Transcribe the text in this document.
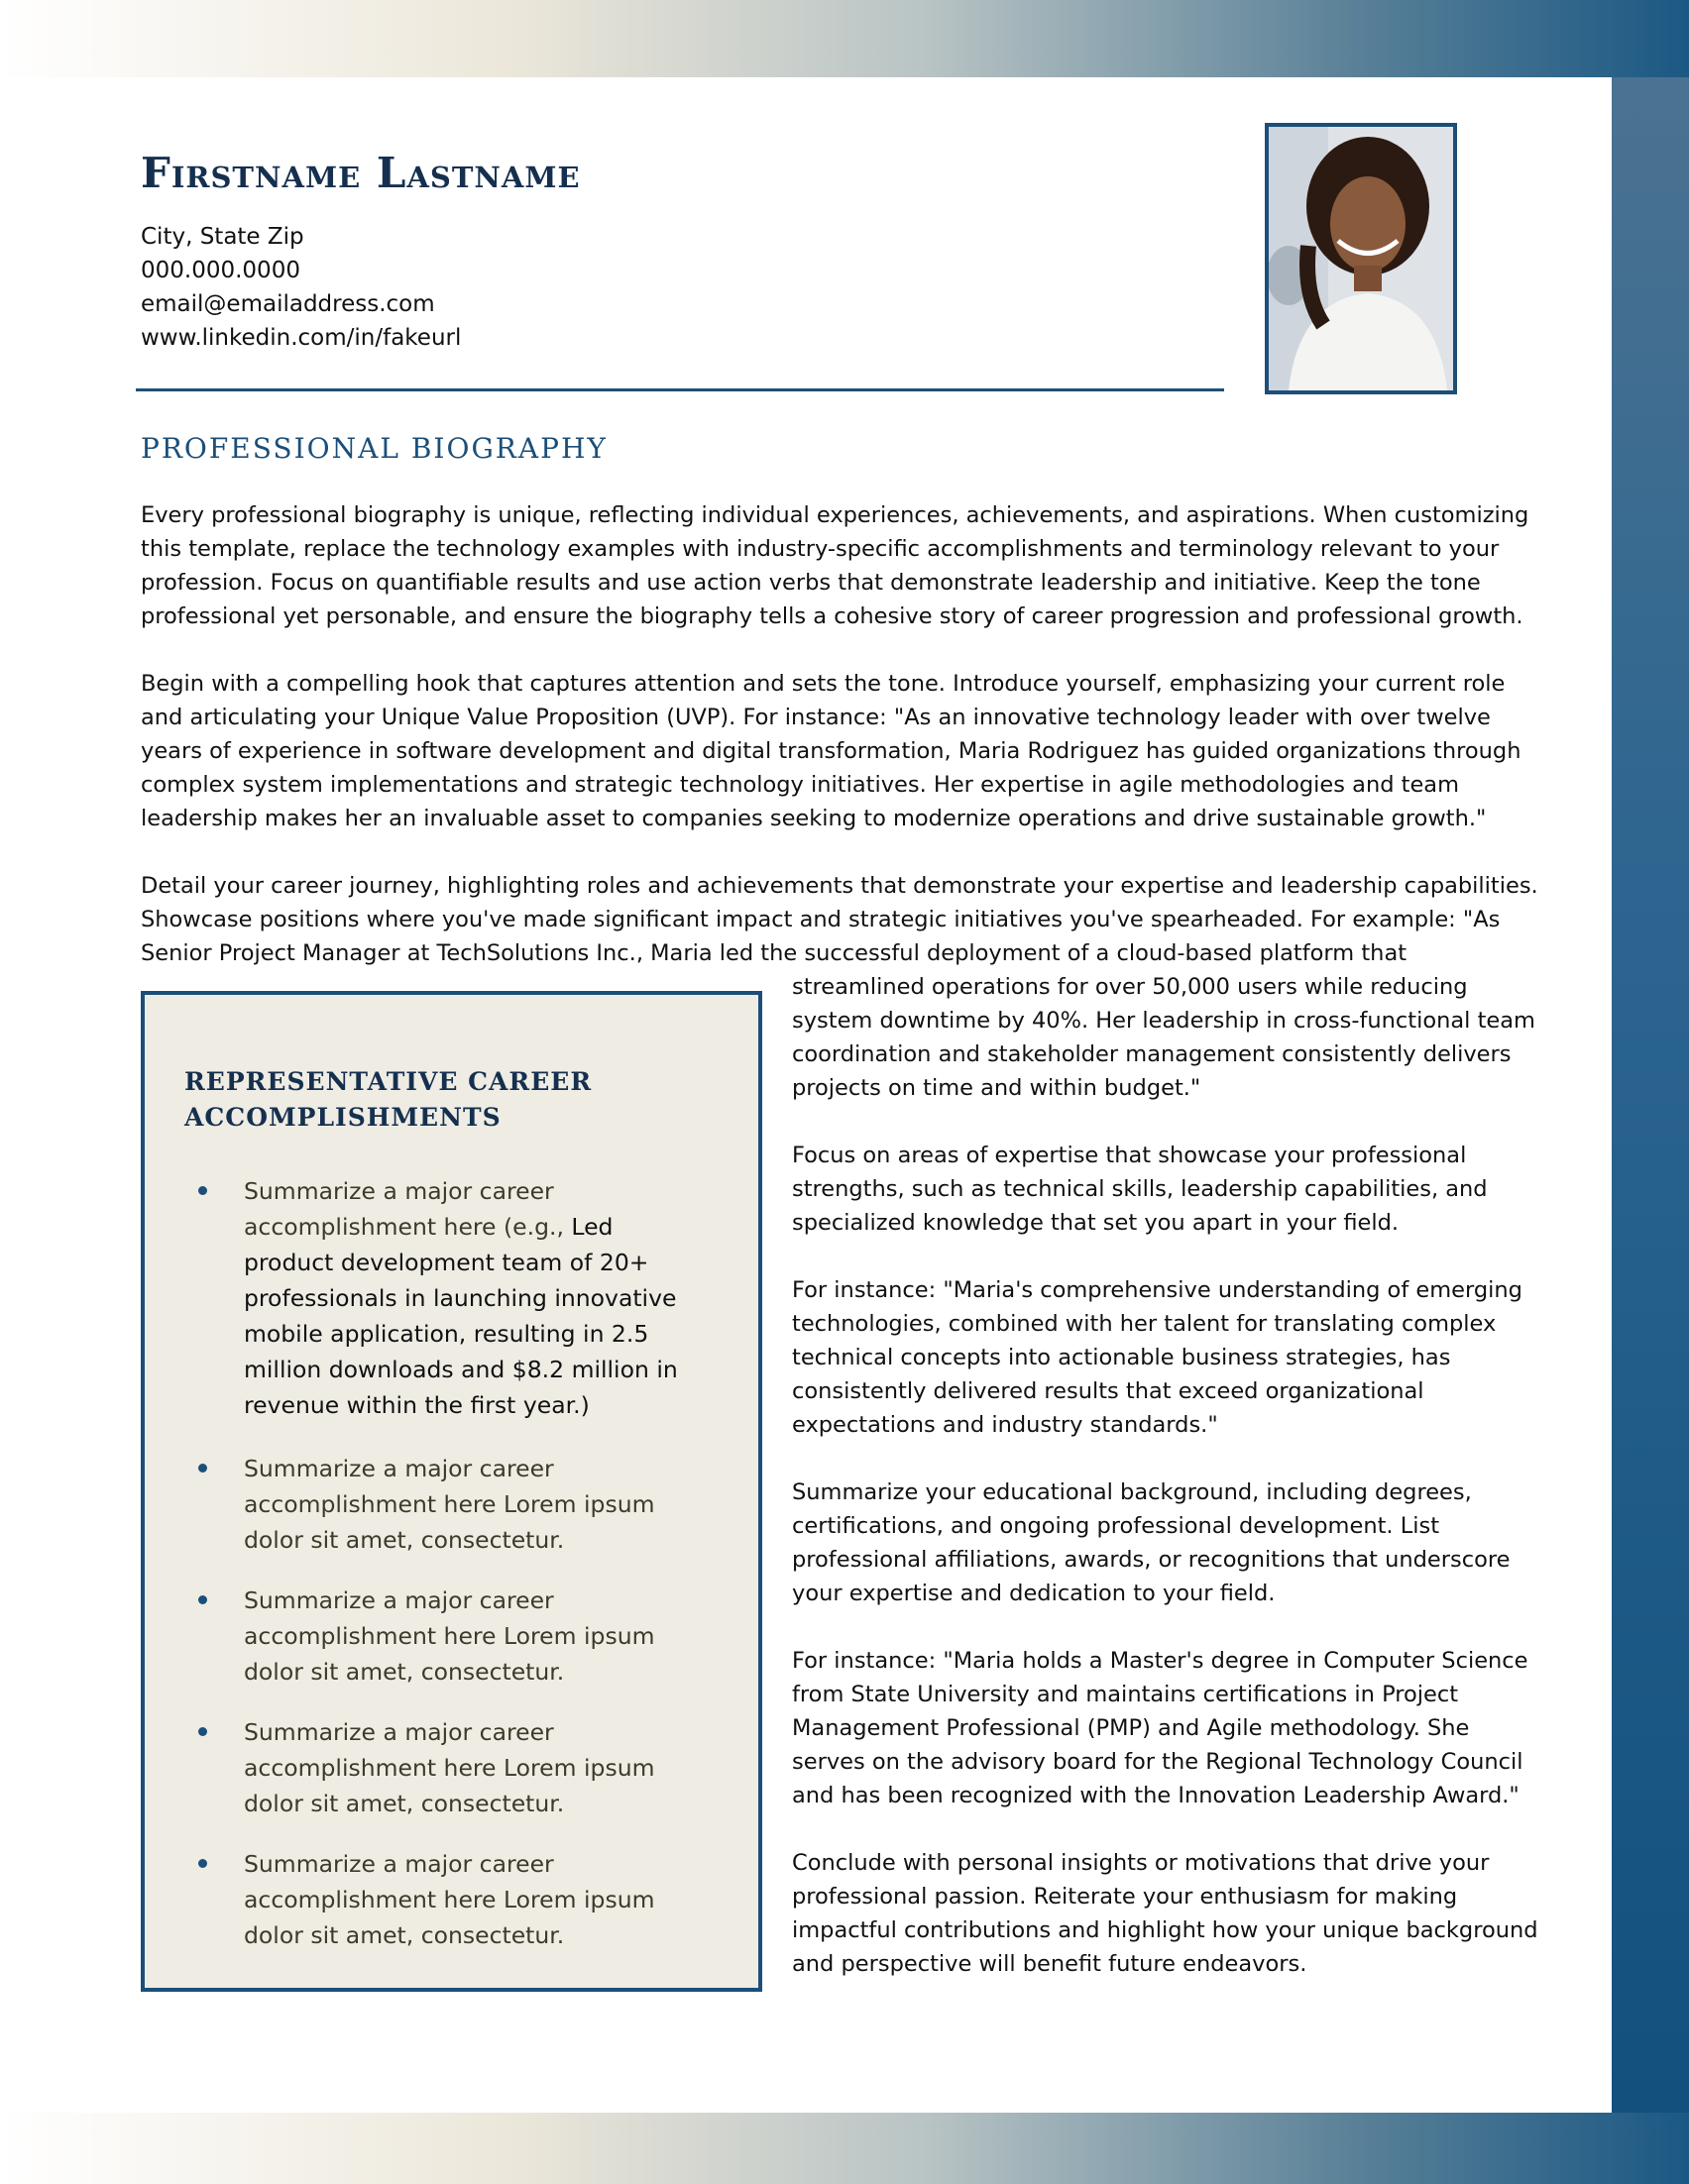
Firstname Lastname
City, State Zip
000.000.0000
email@emailaddress.com
www.linkedin.com/in/fakeurl
PROFESSIONAL BIOGRAPHY

Every professional biography is unique, reflecting individual experiences, achievements, and aspirations. When customizing
this template, replace the technology examples with industry-specific accomplishments and terminology relevant to your
profession. Focus on quantifiable results and use action verbs that demonstrate leadership and initiative. Keep the tone
professional yet personable, and ensure the biography tells a cohesive story of career progression and professional growth.

Begin with a compelling hook that captures attention and sets the tone. Introduce yourself, emphasizing your current role
and articulating your Unique Value Proposition (UVP). For instance: "As an innovative technology leader with over twelve
years of experience in software development and digital transformation, Maria Rodriguez has guided organizations through
complex system implementations and strategic technology initiatives. Her expertise in agile methodologies and team
leadership makes her an invaluable asset to companies seeking to modernize operations and drive sustainable growth."

Detail your career journey, highlighting roles and achievements that demonstrate your expertise and leadership capabilities.
Showcase positions where you've made significant impact and strategic initiatives you've spearheaded. For example: "As
Senior Project Manager at TechSolutions Inc., Maria led the successful deployment of a cloud-based platform that

REPRESENTATIVE CAREER
ACCOMPLISHMENTS
Summarize a major career
accomplishment here (e.g., Led
product development team of 20+
professionals in launching innovative
mobile application, resulting in 2.5
million downloads and $8.2 million in
revenue within the first year.)
Summarize a major career
accomplishment here Lorem ipsum
dolor sit amet, consectetur.
Summarize a major career
accomplishment here Lorem ipsum
dolor sit amet, consectetur.
Summarize a major career
accomplishment here Lorem ipsum
dolor sit amet, consectetur.
Summarize a major career
accomplishment here Lorem ipsum
dolor sit amet, consectetur.

streamlined operations for over 50,000 users while reducing
system downtime by 40%. Her leadership in cross-functional team
coordination and stakeholder management consistently delivers
projects on time and within budget."

Focus on areas of expertise that showcase your professional
strengths, such as technical skills, leadership capabilities, and
specialized knowledge that set you apart in your field.

For instance: "Maria's comprehensive understanding of emerging
technologies, combined with her talent for translating complex
technical concepts into actionable business strategies, has
consistently delivered results that exceed organizational
expectations and industry standards."

Summarize your educational background, including degrees,
certifications, and ongoing professional development. List
professional affiliations, awards, or recognitions that underscore
your expertise and dedication to your field.

For instance: "Maria holds a Master's degree in Computer Science
from State University and maintains certifications in Project
Management Professional (PMP) and Agile methodology. She
serves on the advisory board for the Regional Technology Council
and has been recognized with the Innovation Leadership Award."

Conclude with personal insights or motivations that drive your
professional passion. Reiterate your enthusiasm for making
impactful contributions and highlight how your unique background
and perspective will benefit future endeavors.
